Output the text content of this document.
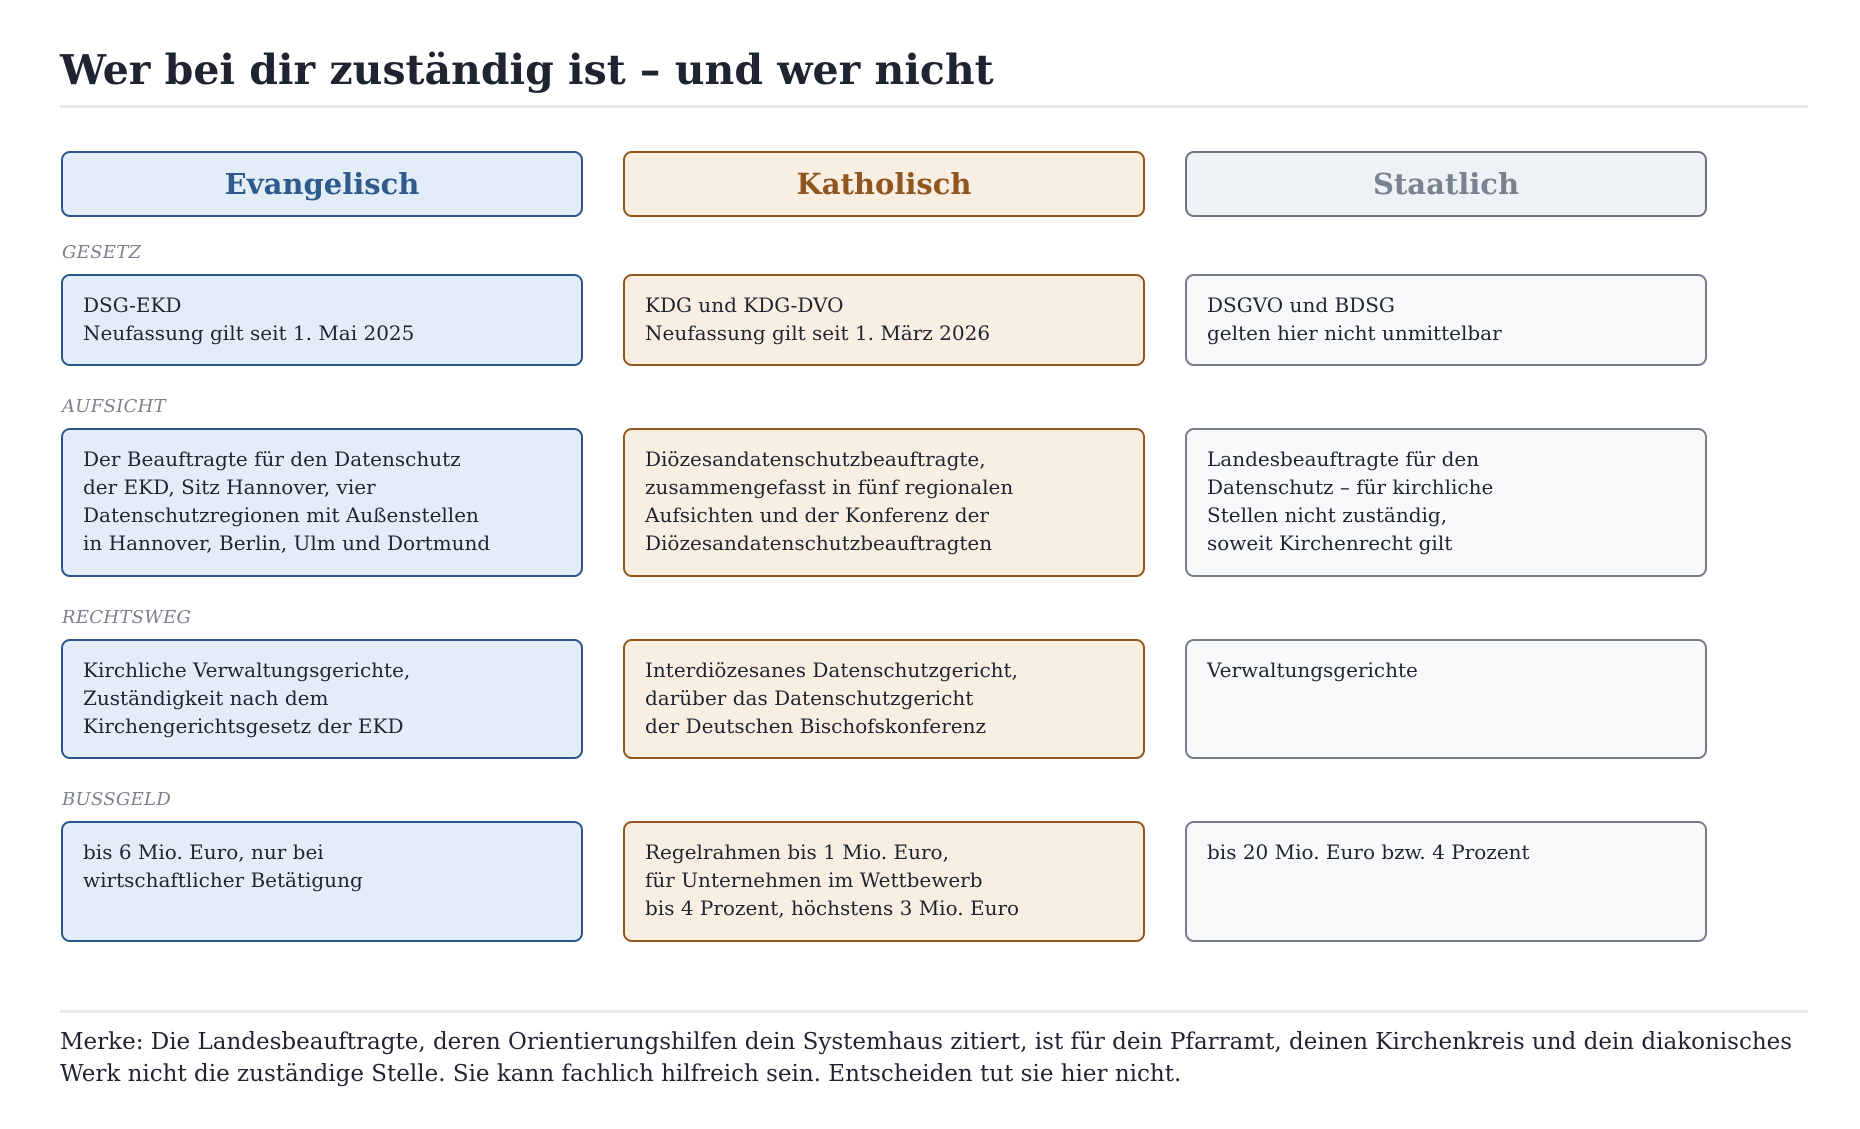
Wer bei dir zuständig ist – und wer nicht
Evangelisch	Katholisch	Staatlich
GESETZ
DSG-EKD
Neufassung gilt seit 1. Mai 2025
KDG und KDG-DVO
Neufassung gilt seit 1. März 2026
DSGVO und BDSG
gelten hier nicht unmittelbar
AUFSICHT
Der Beauftragte für den Datenschutz
der EKD, Sitz Hannover, vier
Datenschutzregionen mit Außenstellen
in Hannover, Berlin, Ulm und Dortmund
Diözesandatenschutzbeauftragte,
zusammengefasst in fünf regionalen
Aufsichten und der Konferenz der
Diözesandatenschutzbeauftragten
Landesbeauftragte für den
Datenschutz – für kirchliche
Stellen nicht zuständig,
soweit Kirchenrecht gilt
RECHTSWEG
Kirchliche Verwaltungsgerichte,
Zuständigkeit nach dem
Kirchengerichtsgesetz der EKD
Interdiözesanes Datenschutzgericht,
darüber das Datenschutzgericht
der Deutschen Bischofskonferenz
Verwaltungsgerichte
BUSSGELD
bis 6 Mio. Euro, nur bei
wirtschaftlicher Betätigung
Regelrahmen bis 1 Mio. Euro,
für Unternehmen im Wettbewerb
bis 4 Prozent, höchstens 3 Mio. Euro
bis 20 Mio. Euro bzw. 4 Prozent

Merke: Die Landesbeauftragte, deren Orientierungshilfen dein Systemhaus zitiert, ist für dein Pfarramt, deinen Kirchenkreis und dein diakonisches Werk nicht die zuständige Stelle. Sie kann fachlich hilfreich sein. Entscheiden tut sie hier nicht.
